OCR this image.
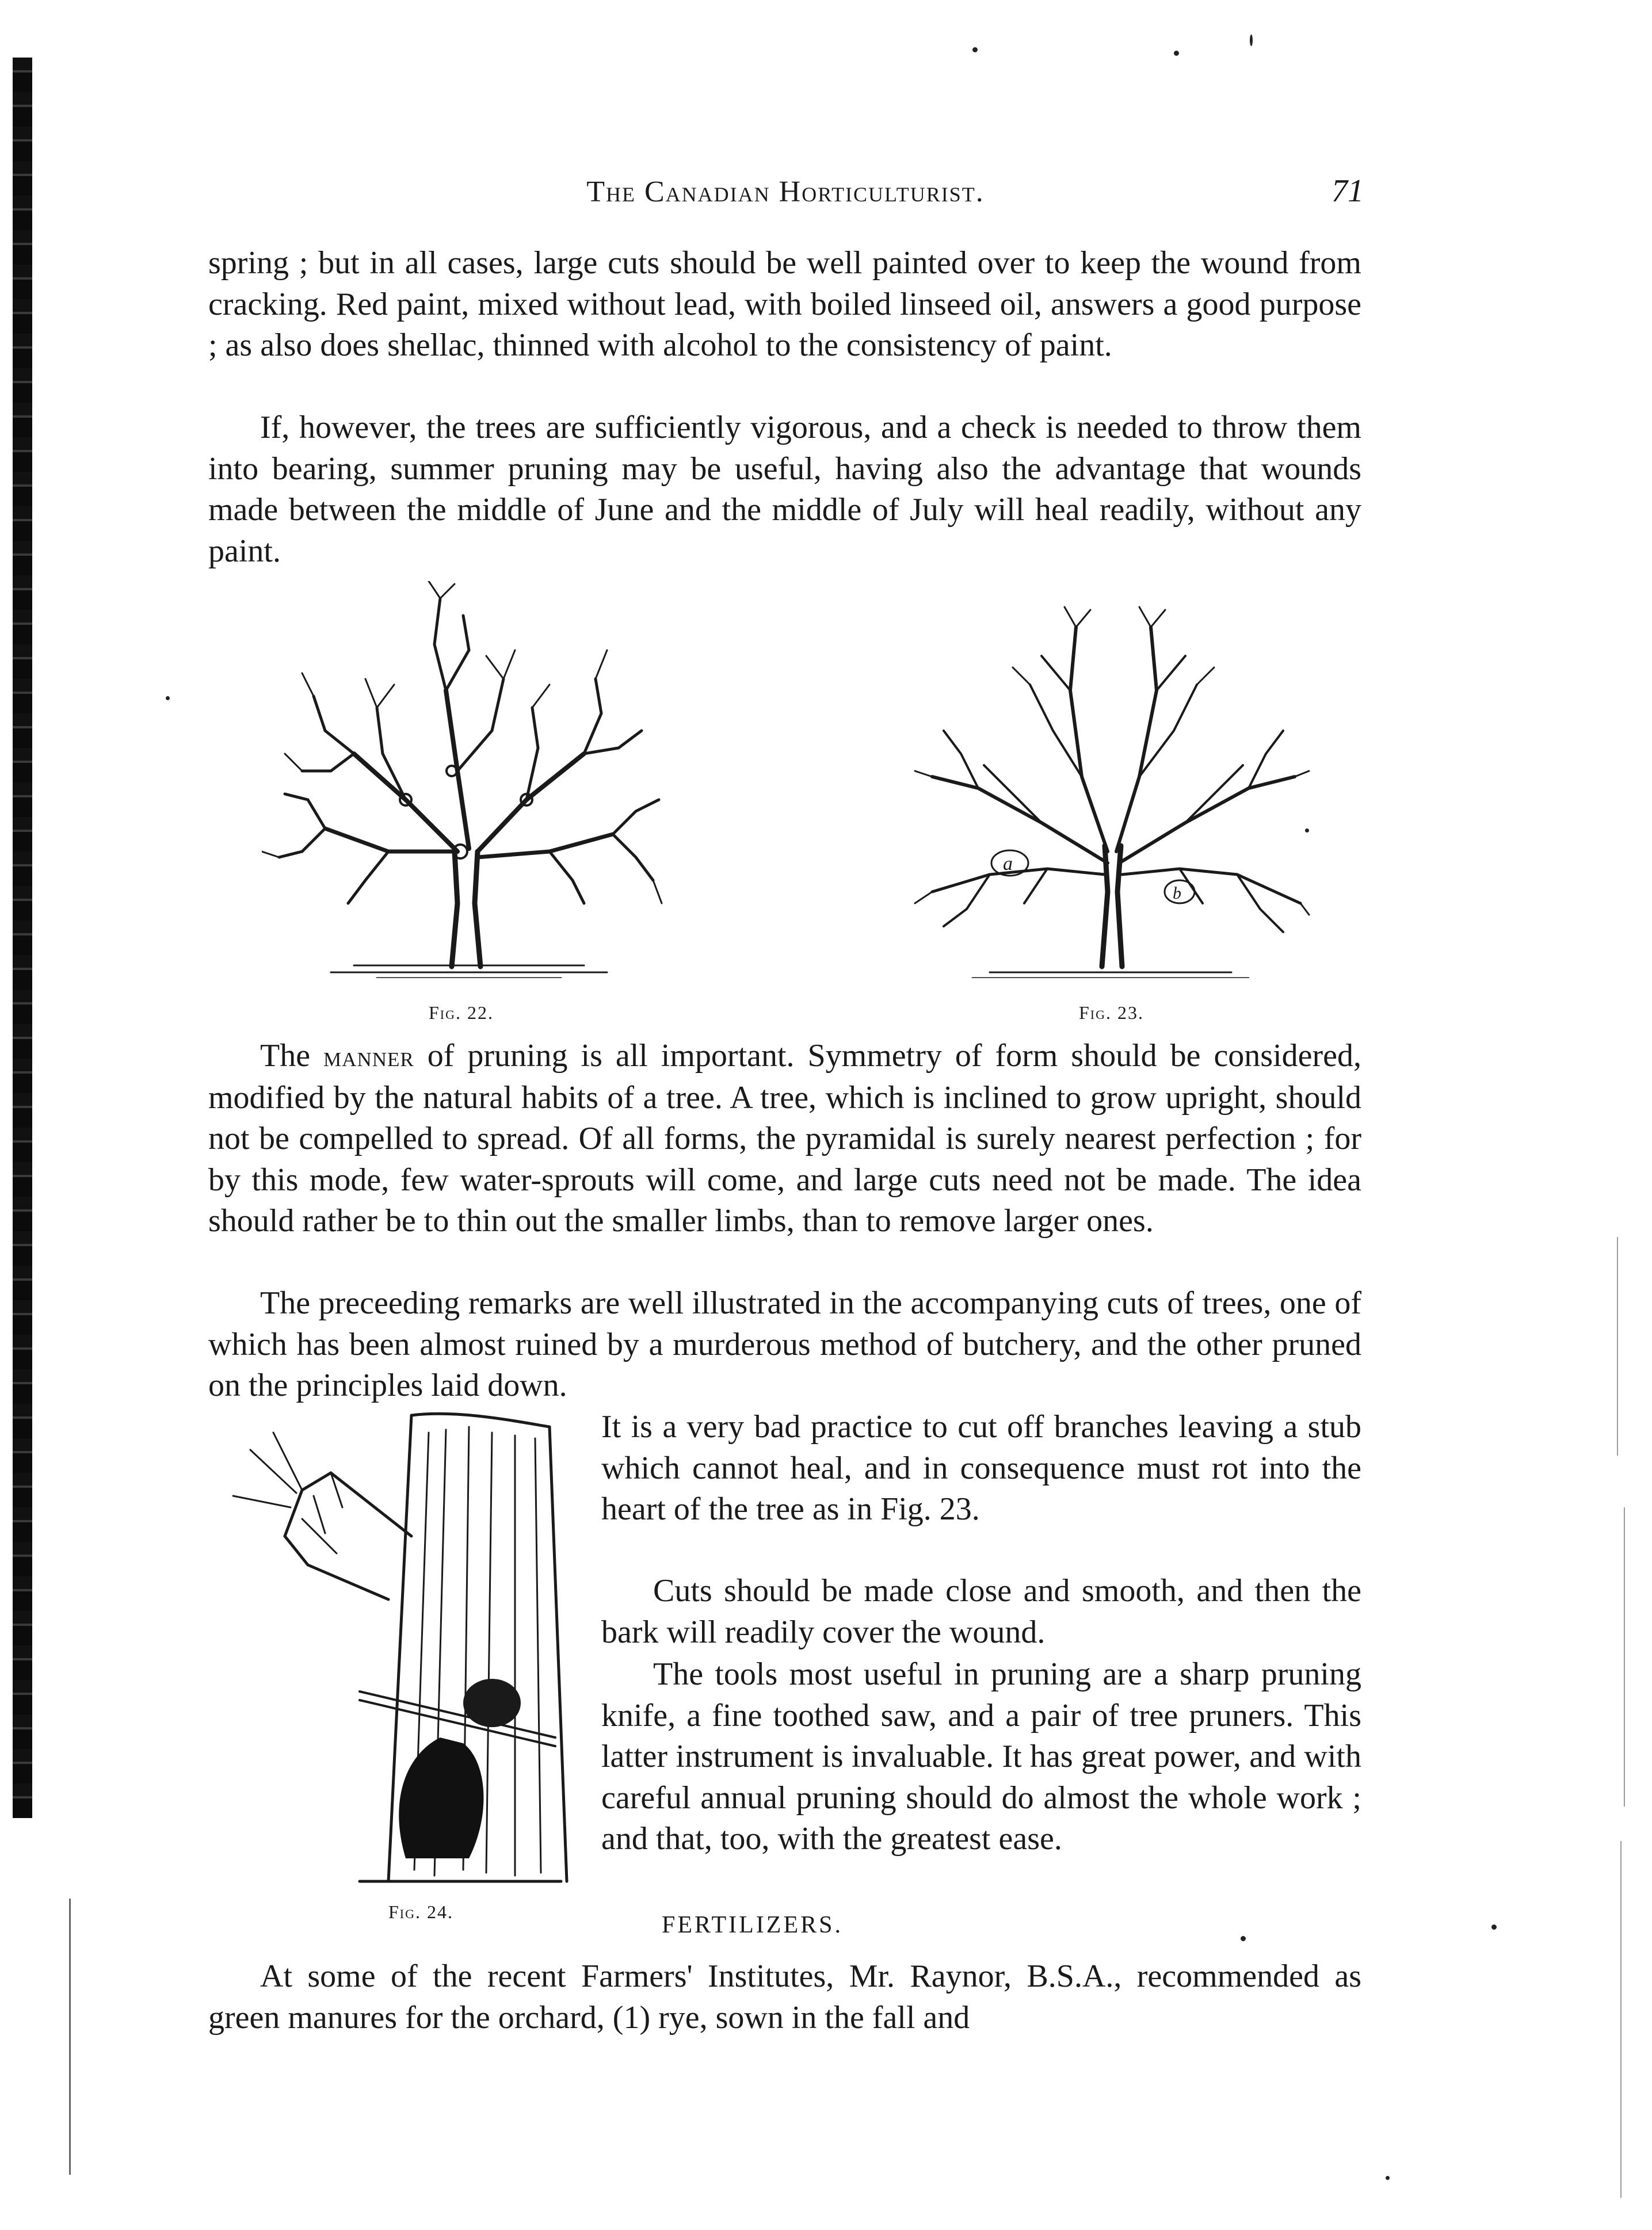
The Canadian Horticulturist.	71

spring ; but in all cases, large cuts should be well painted over to keep the wound from cracking. Red paint, mixed without lead, with boiled linseed oil, answers a good purpose ; as also does shellac, thinned with alcohol to the consistency of paint.

If, however, the trees are sufficiently vigorous, and a check is needed to throw them into bearing, summer pruning may be useful, having also the advantage that wounds made between the middle of June and the middle of July will heal readily, without any paint.

Fig. 22.
a
b
Fig. 23.

The manner of pruning is all important. Symmetry of form should be considered, modified by the natural habits of a tree. A tree, which is inclined to grow upright, should not be compelled to spread. Of all forms, the pyramidal is surely nearest perfection ; for by this mode, few water-sprouts will come, and large cuts need not be made. The idea should rather be to thin out the smaller limbs, than to remove larger ones.

The preceeding remarks are well illustrated in the accompanying cuts of trees, one of which has been almost ruined by a murderous method of butchery, and the other pruned on the principles laid down.

Fig. 24.

It is a very bad practice to cut off branches leaving a stub which cannot heal, and in consequence must rot into the heart of the tree as in Fig. 23.

Cuts should be made close and smooth, and then the bark will readily cover the wound.

The tools most useful in pruning are a sharp pruning knife, a fine toothed saw, and a pair of tree pruners. This latter instrument is invaluable. It has great power, and with careful annual pruning should do almost the whole work ; and that, too, with the greatest ease.

FERTILIZERS.

At some of the recent Farmers' Institutes, Mr. Raynor, B.S.A., recommended as green manures for the orchard, (1) rye, sown in the fall and
